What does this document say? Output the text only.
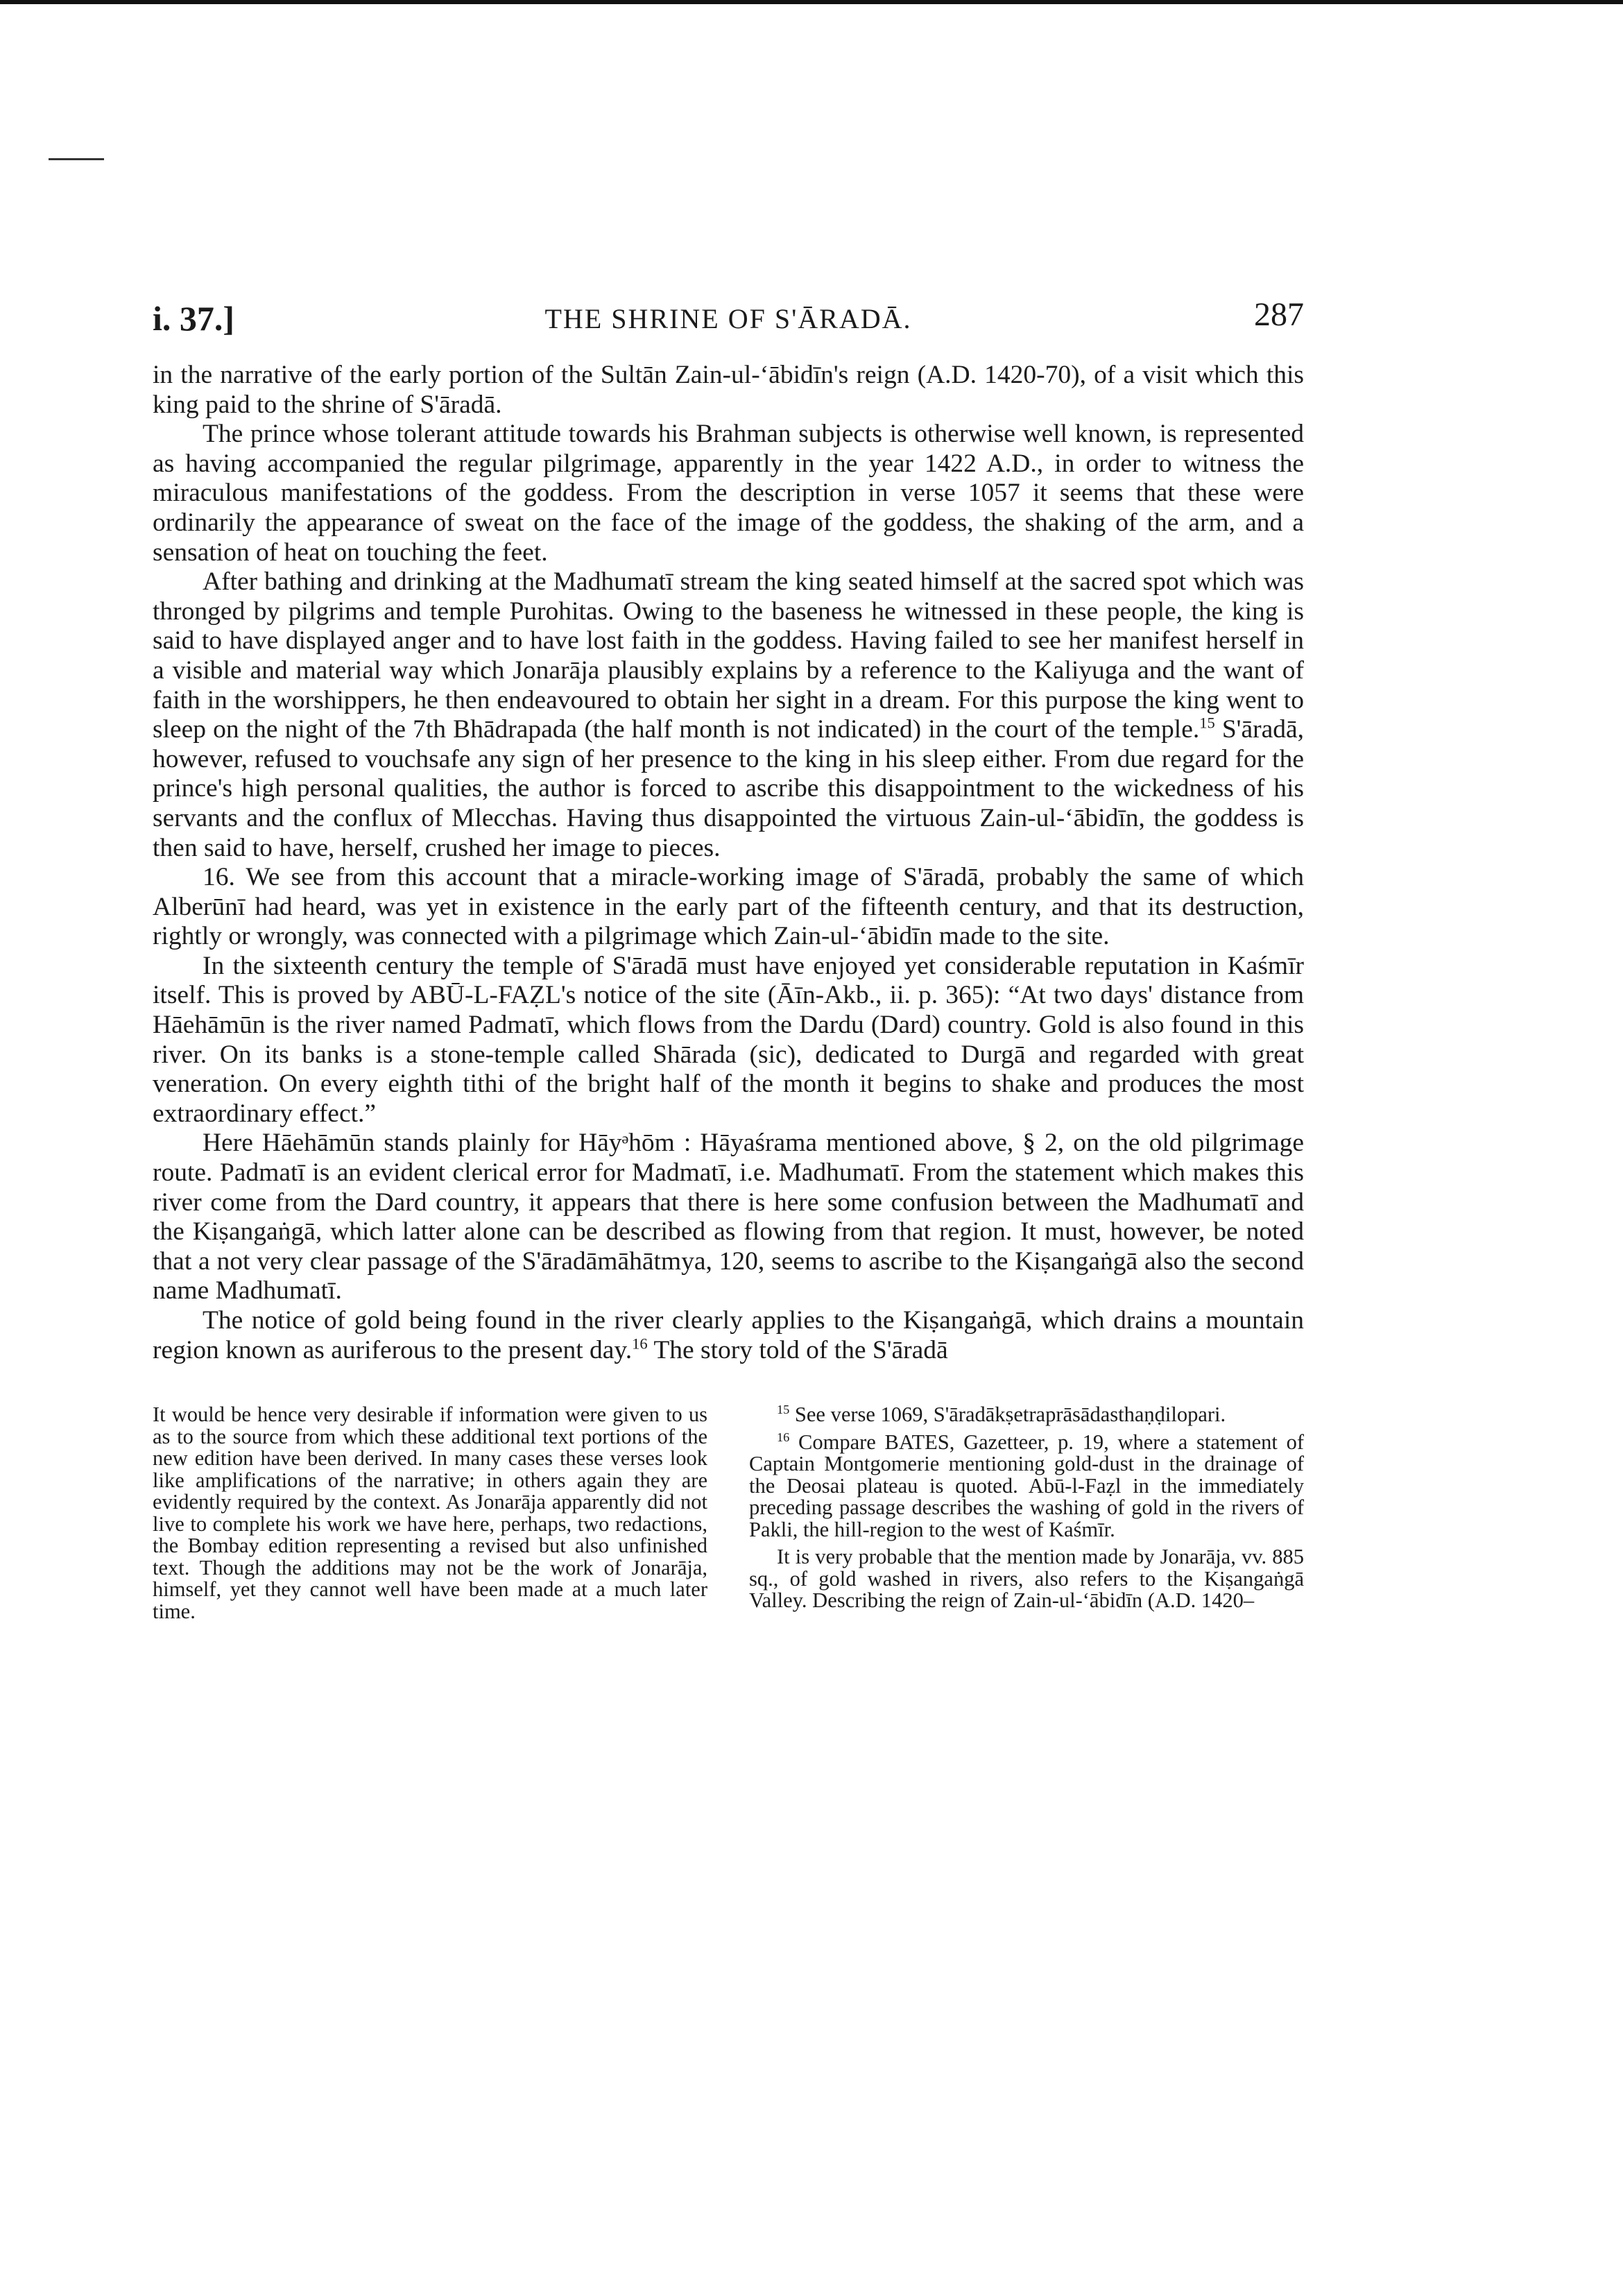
i. 37.]	THE SHRINE OF S'ĀRADĀ.	287

in the narrative of the early portion of the Sultān Zain-ul-‘ābidīn's reign (A.D. 1420-70), of a visit which this king paid to the shrine of S'āradā.

The prince whose tolerant attitude towards his Brahman subjects is otherwise well known, is represented as having accompanied the regular pilgrimage, apparently in the year 1422 A.D., in order to witness the miraculous manifestations of the goddess. From the description in verse 1057 it seems that these were ordinarily the appearance of sweat on the face of the image of the goddess, the shaking of the arm, and a sensation of heat on touching the feet.

After bathing and drinking at the Madhumatī stream the king seated himself at the sacred spot which was thronged by pilgrims and temple Purohitas. Owing to the baseness he witnessed in these people, the king is said to have displayed anger and to have lost faith in the goddess. Having failed to see her manifest herself in a visible and material way which Jonarāja plausibly explains by a reference to the Kaliyuga and the want of faith in the worshippers, he then endeavoured to obtain her sight in a dream. For this purpose the king went to sleep on the night of the 7th Bhādrapada (the half month is not indicated) in the court of the temple.$^{15}$ S'āradā, however, refused to vouchsafe any sign of her presence to the king in his sleep either. From due regard for the prince's high personal qualities, the author is forced to ascribe this disappointment to the wickedness of his servants and the conflux of Mlecchas. Having thus disappointed the virtuous Zain-ul-‘ābidīn, the goddess is then said to have, herself, crushed her image to pieces.

16. We see from this account that a miracle-working image of S'āradā, probably the same of which Alberūnī had heard, was yet in existence in the early part of the fifteenth century, and that its destruction, rightly or wrongly, was connected with a pilgrimage which Zain-ul-‘ābidīn made to the site.

In the sixteenth century the temple of S'āradā must have enjoyed yet considerable reputation in Kaśmīr itself. This is proved by ABŪ-L-FAẒL's notice of the site (Āīn-Akb., ii. p. 365): “At two days' distance from Hāehāmūn is the river named Padmatī, which flows from the Dardu (Dard) country. Gold is also found in this river. On its banks is a stone-temple called Shārada (sic), dedicated to Durgā and regarded with great veneration. On every eighth tithi of the bright half of the month it begins to shake and produces the most extraordinary effect.”

Here Hāehāmūn stands plainly for Hāyᵊhōm : Hāyaśrama mentioned above, § 2, on the old pilgrimage route. Padmatī is an evident clerical error for Madmatī, i.e. Madhumatī. From the statement which makes this river come from the Dard country, it appears that there is here some confusion between the Madhumatī and the Kiṣangaṅgā, which latter alone can be described as flowing from that region. It must, however, be noted that a not very clear passage of the S'āradāmāhātmya, 120, seems to ascribe to the Kiṣangaṅgā also the second name Madhumatī.

The notice of gold being found in the river clearly applies to the Kiṣangaṅgā, which drains a mountain region known as auriferous to the present day.$^{16}$ The story told of the S'āradā

It would be hence very desirable if information were given to us as to the source from which these additional text portions of the new edition have been derived. In many cases these verses look like amplifications of the narrative; in others again they are evidently required by the context. As Jonarāja apparently did not live to complete his work we have here, perhaps, two redactions, the Bombay edition representing a revised but also unfinished text. Though the additions may not be the work of Jonarāja, himself, yet they cannot well have been made at a much later time.

$^{15}$ See verse 1069, S'āradākṣetraprāsādasthaṇḍilopari.

$^{16}$ Compare BATES, Gazetteer, p. 19, where a statement of Captain Montgomerie mentioning gold-dust in the drainage of the Deosai plateau is quoted. Abū-l-Faẓl in the immediately preceding passage describes the washing of gold in the rivers of Pakli, the hill-region to the west of Kaśmīr.

It is very probable that the mention made by Jonarāja, vv. 885 sq., of gold washed in rivers, also refers to the Kiṣangaṅgā Valley. Describing the reign of Zain-ul-‘ābidīn (A.D. 1420–
